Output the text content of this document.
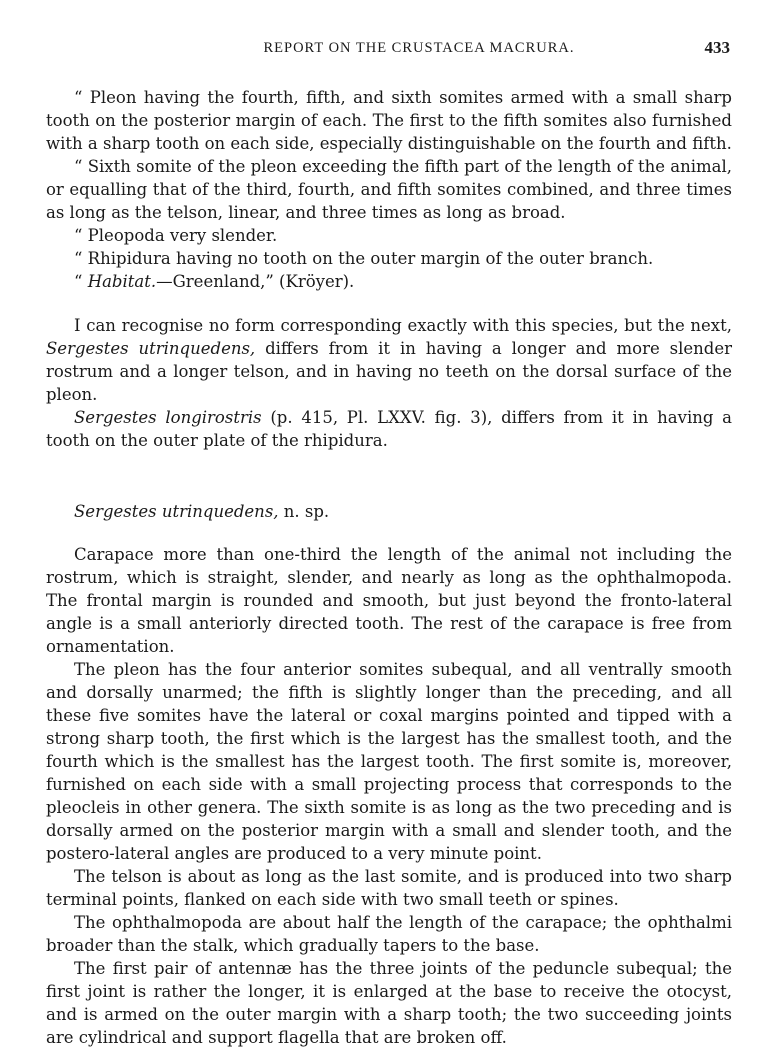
REPORT ON THE CRUSTACEA MACRURA.	433

“ Pleon having the fourth, fifth, and sixth somites armed with a small sharp tooth on the posterior margin of each. The first to the fifth somites also furnished with a sharp tooth on each side, especially distinguishable on the fourth and fifth.

“ Sixth somite of the pleon exceeding the fifth part of the length of the animal, or equalling that of the third, fourth, and fifth somites combined, and three times as long as the telson, linear, and three times as long as broad.

“ Pleopoda very slender.

“ Rhipidura having no tooth on the outer margin of the outer branch.

“ Habitat.—Greenland,” (Kröyer).

I can recognise no form corresponding exactly with this species, but the next, Sergestes utrinquedens, differs from it in having a longer and more slender rostrum and a longer telson, and in having no teeth on the dorsal surface of the pleon.

Sergestes longirostris (p. 415, Pl. LXXV. fig. 3), differs from it in having a tooth on the outer plate of the rhipidura.

Sergestes utrinquedens, n. sp.

Carapace more than one-third the length of the animal not including the rostrum, which is straight, slender, and nearly as long as the ophthalmopoda. The frontal margin is rounded and smooth, but just beyond the fronto-lateral angle is a small anteriorly directed tooth. The rest of the carapace is free from ornamentation.

The pleon has the four anterior somites subequal, and all ventrally smooth and dorsally unarmed; the fifth is slightly longer than the preceding, and all these five somites have the lateral or coxal margins pointed and tipped with a strong sharp tooth, the first which is the largest has the smallest tooth, and the fourth which is the smallest has the largest tooth. The first somite is, moreover, furnished on each side with a small projecting process that corresponds to the pleocleis in other genera. The sixth somite is as long as the two preceding and is dorsally armed on the posterior margin with a small and slender tooth, and the postero-lateral angles are produced to a very minute point.

The telson is about as long as the last somite, and is produced into two sharp terminal points, flanked on each side with two small teeth or spines.

The ophthalmopoda are about half the length of the carapace; the ophthalmi broader than the stalk, which gradually tapers to the base.

The first pair of antennæ has the three joints of the peduncle subequal; the first joint is rather the longer, it is enlarged at the base to receive the otocyst, and is armed on the outer margin with a sharp tooth; the two succeeding joints are cylindrical and support flagella that are broken off.
